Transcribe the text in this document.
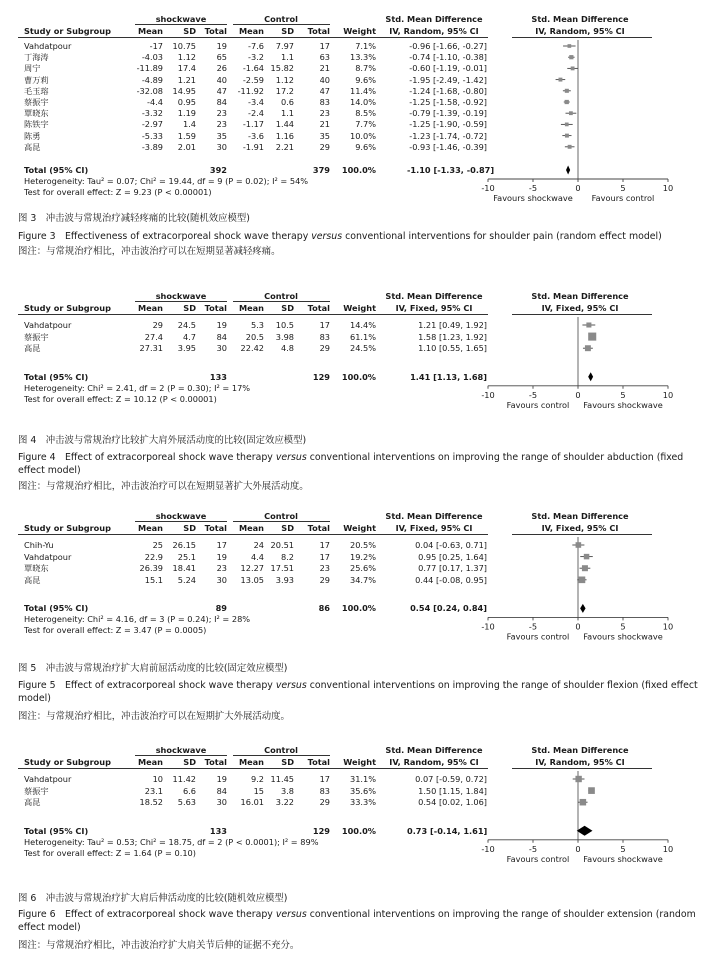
shockwave	Control	Std. Mean Difference	Std. Mean Difference
Study or Subgroup	Mean	SD	Total	Mean	SD	Total	Weight	IV, Random, 95% CI	IV, Random, 95% CI
Vahdatpour	-17	10.75	19	-7.6	7.97	17	7.1%	-0.96 [-1.66, -0.27]
丁海涛	-4.03	1.12	65	-3.2	1.1	63	13.3%	-0.74 [-1.10, -0.38]
周宁	-11.89	17.4	26	-1.64 15.82	21	8.7%	-0.60 [-1.19, -0.01]
曹万莉	-4.89	1.21	40	-2.59	1.12	40	9.6%	-1.95 [-2.49, -1.42]
毛玉瑢	-32.08	14.95	47	-11.92	17.2	47	11.4%	-1.24 [-1.68, -0.80]
蔡振宇	-4.4	0.95	84	-3.4	0.6	83	14.0%	-1.25 [-1.58, -0.92]
覃晓东	-3.32	1.19	23	-2.4	1.1	23	8.5%	-0.79 [-1.39, -0.19]
陈铁字	-2.97	1.4	23	-1.17	1.44	21	7.7%	-1.25 [-1.90, -0.59]
陈勇	-5.33	1.59	35	-3.6	1.16	35	10.0%	-1.23 [-1.74, -0.72]
高昆	-3.89	2.01	30	-1.91	2.21	29	9.6%	-0.93 [-1.46, -0.39]
Total (95% CI)	392	379	100.0%	-1.10 [-1.33, -0.87]
Heterogeneity: Tau² = 0.07; Chi² = 19.44, df = 9 (P = 0.02); I² = 54%
Test for overall effect: Z = 9.23 (P < 0.00001)	-10	-5	0	5	10
Favours shockwave Favours control
图 3　冲击波与常规治疗减轻疼痛的比较(随机效应模型)
Figure 3　Effectiveness of extracorporeal shock wave therapy versus conventional interventions for shoulder pain (random effect model)
图注：与常规治疗相比，冲击波治疗可以在短期显著减轻疼痛。
shockwave	Control	Std. Mean Difference	Std. Mean Difference
Study or Subgroup	Mean	SD	Total	Mean	SD	Total	Weight	IV, Fixed, 95% CI	IV, Fixed, 95% CI
Vahdatpour	29	24.5	19	5.3	10.5	17	14.4%	1.21 [0.49, 1.92]
蔡振宇	27.4	4.7	84	20.5	3.98	83	61.1%	1.58 [1.23, 1.92]
高昆	27.31	3.95	30	22.42	4.8	29	24.5%	1.10 [0.55, 1.65]
Total (95% CI)	133	129	100.0%	1.41 [1.13, 1.68]
Heterogeneity: Chi² = 2.41, df = 2 (P = 0.30); I² = 17%
Test for overall effect: Z = 10.12 (P < 0.00001)	-10	-5	0	5	10
Favours control Favours shockwave
图 4　冲击波与常规治疗比较扩大肩外展活动度的比较(固定效应模型)
Figure 4　Effect of extracorporeal shock wave therapy versus conventional interventions on improving the range of shoulder abduction (fixed effect model)
图注：与常规治疗相比，冲击波治疗可以在短期显著扩大外展活动度。
shockwave	Control	Std. Mean Difference	Std. Mean Difference
Study or Subgroup	Mean	SD	Total	Mean	SD	Total	Weight	IV, Fixed, 95% CI	IV, Fixed, 95% CI
Chih-Yu	25	26.15	17	24 20.51	17	20.5%	0.04 [-0.63, 0.71]
Vahdatpour	22.9	25.1	19	4.4	8.2	17	19.2%	0.95 [0.25, 1.64]
覃晓东	26.39	18.41	23	12.27 17.51	23	25.6%	0.77 [0.17, 1.37]
高昆	15.1	5.24	30	13.05	3.93	29	34.7%	0.44 [-0.08, 0.95]
Total (95% CI)	89	86	100.0%	0.54 [0.24, 0.84]
Heterogeneity: Chi² = 4.16, df = 3 (P = 0.24); I² = 28%
Test for overall effect: Z = 3.47 (P = 0.0005)	-10	-5	0	5	10
Favours control Favours shockwave
图 5　冲击波与常规治疗扩大肩前屈活动度的比较(固定效应模型)
Figure 5　Effect of extracorporeal shock wave therapy versus conventional interventions on improving the range of shoulder flexion (fixed effect model)
图注：与常规治疗相比，冲击波治疗可以在短期扩大外展活动度。
shockwave	Control	Std. Mean Difference	Std. Mean Difference
Study or Subgroup	Mean	SD	Total	Mean	SD	Total	Weight	IV, Random, 95% CI	IV, Random, 95% CI
Vahdatpour	10	11.42	19	9.2 11.45	17	31.1%	0.07 [-0.59, 0.72]
蔡振宇	23.1	6.6	84	15	3.8	83	35.6%	1.50 [1.15, 1.84]
高昆	18.52	5.63	30	16.01	3.22	29	33.3%	0.54 [0.02, 1.06]
Total (95% CI)	133	129	100.0%	0.73 [-0.14, 1.61]
Heterogeneity: Tau² = 0.53; Chi² = 18.75, df = 2 (P < 0.0001); I² = 89%
Test for overall effect: Z = 1.64 (P = 0.10)	-10	-5	0	5	10
Favours control Favours shockwave
图 6　冲击波与常规治疗扩大肩后伸活动度的比较(随机效应模型)
Figure 6　Effect of extracorporeal shock wave therapy versus conventional interventions on improving the range of shoulder extension (random effect model)
图注：与常规治疗相比，冲击波治疗扩大肩关节后伸的证据不充分。
